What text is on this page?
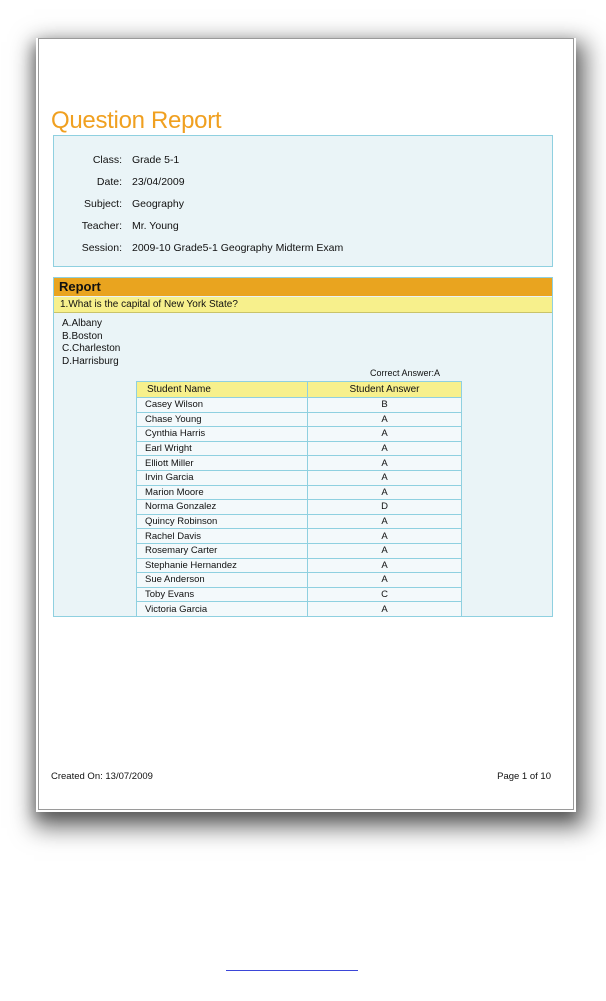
Question Report
Class: Grade 5-1
Date: 23/04/2009
Subject: Geography
Teacher: Mr. Young
Session: 2009-10 Grade5-1 Geography Midterm Exam
Report
1.What is the capital of New York State?
A.Albany
B.Boston
C.Charleston
D.Harrisburg
Correct Answer:A
Student Name	Student Answer
Casey Wilson	B
Chase Young	A
Cynthia Harris	A
Earl Wright	A
Elliott Miller	A
Irvin Garcia	A
Marion Moore	A
Norma Gonzalez	D
Quincy Robinson	A
Rachel Davis	A
Rosemary Carter	A
Stephanie Hernandez	A
Sue Anderson	A
Toby Evans	C
Victoria Garcia	A
Created On: 13/07/2009	Page 1 of 10
